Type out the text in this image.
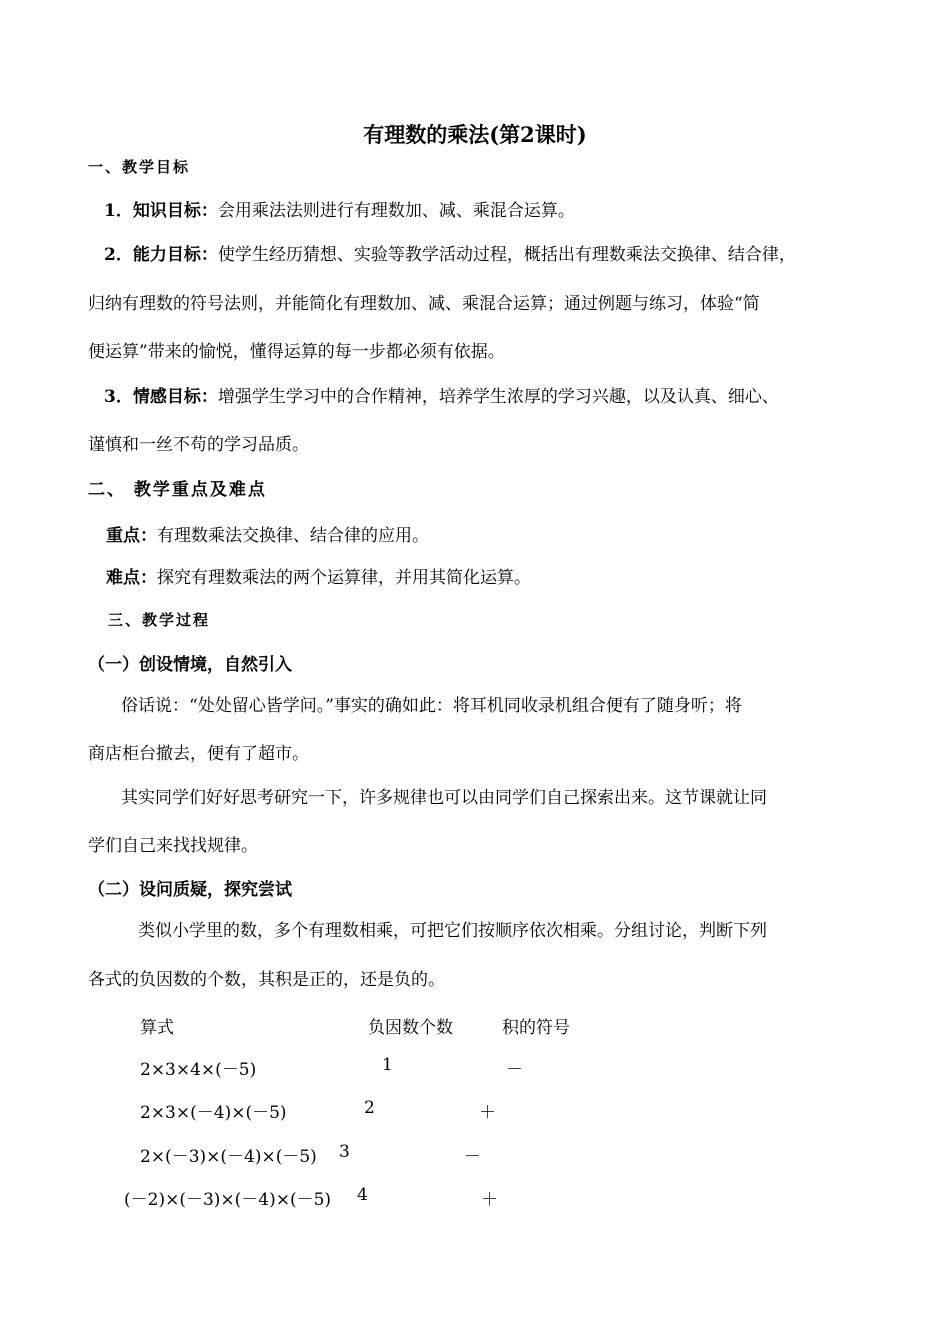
有理数的乘法(第2课时)
一、教学目标
1．知识目标：会用乘法法则进行有理数加、减、乘混合运算。
2．能力目标：使学生经历猜想、实验等教学活动过程，概括出有理数乘法交换律、结合律，
归纳有理数的符号法则，并能简化有理数加、减、乘混合运算；通过例题与练习，体验“简
便运算”带来的愉悦，懂得运算的每一步都必须有依据。
3．情感目标：增强学生学习中的合作精神，培养学生浓厚的学习兴趣，以及认真、细心、
谨慎和一丝不苟的学习品质。
二、 教学重点及难点
重点：有理数乘法交换律、结合律的应用。
难点：探究有理数乘法的两个运算律，并用其简化运算。
三、教学过程
（一）创设情境，自然引入
俗话说：“处处留心皆学问。”事实的确如此：将耳机同收录机组合便有了随身听；将
商店柜台撤去，便有了超市。
其实同学们好好思考研究一下，许多规律也可以由同学们自己探索出来。这节课就让同
学们自己来找找规律。
（二）设问质疑，探究尝试
类似小学里的数，多个有理数相乘，可把它们按顺序依次相乘。分组讨论，判断下列
各式的负因数的个数，其积是正的，还是负的。
算式	负因数个数	积的符号
2×3×4×(－5)	1	－
2×3×(－4)×(－5)	2	＋
2×(－3)×(－4)×(－5) 3	－
(－2)×(－3)×(－4)×(－5) 4	＋
